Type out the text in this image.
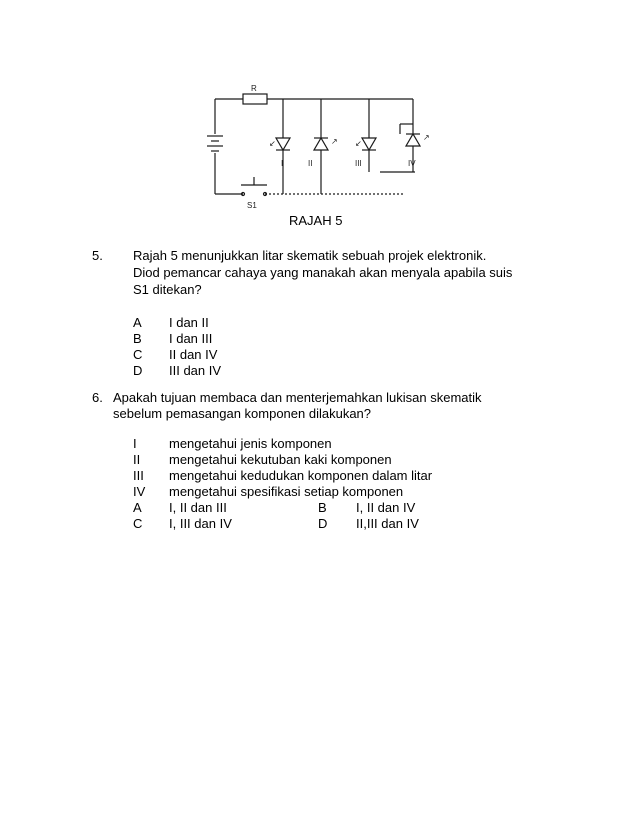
R
S1
↙
I
↗
II
↙
III
↗
IV
RAJAH 5
5. Rajah 5 menunjukkan litar skematik sebuah projek elektronik.
Diod pemancar cahaya yang manakah akan menyala apabila suis
S1 ditekan?
A I dan II
B I dan III
C II dan IV
D III dan IV
6. Apakah tujuan membaca dan menterjemahkan lukisan skematik
sebelum pemasangan komponen dilakukan?
I mengetahui jenis komponen
II mengetahui kekutuban kaki komponen
III mengetahui kedudukan komponen dalam litar
IV mengetahui spesifikasi setiap komponen
A I, II dan III	B I, II dan IV
C I, III dan IV	D II,III dan IV
